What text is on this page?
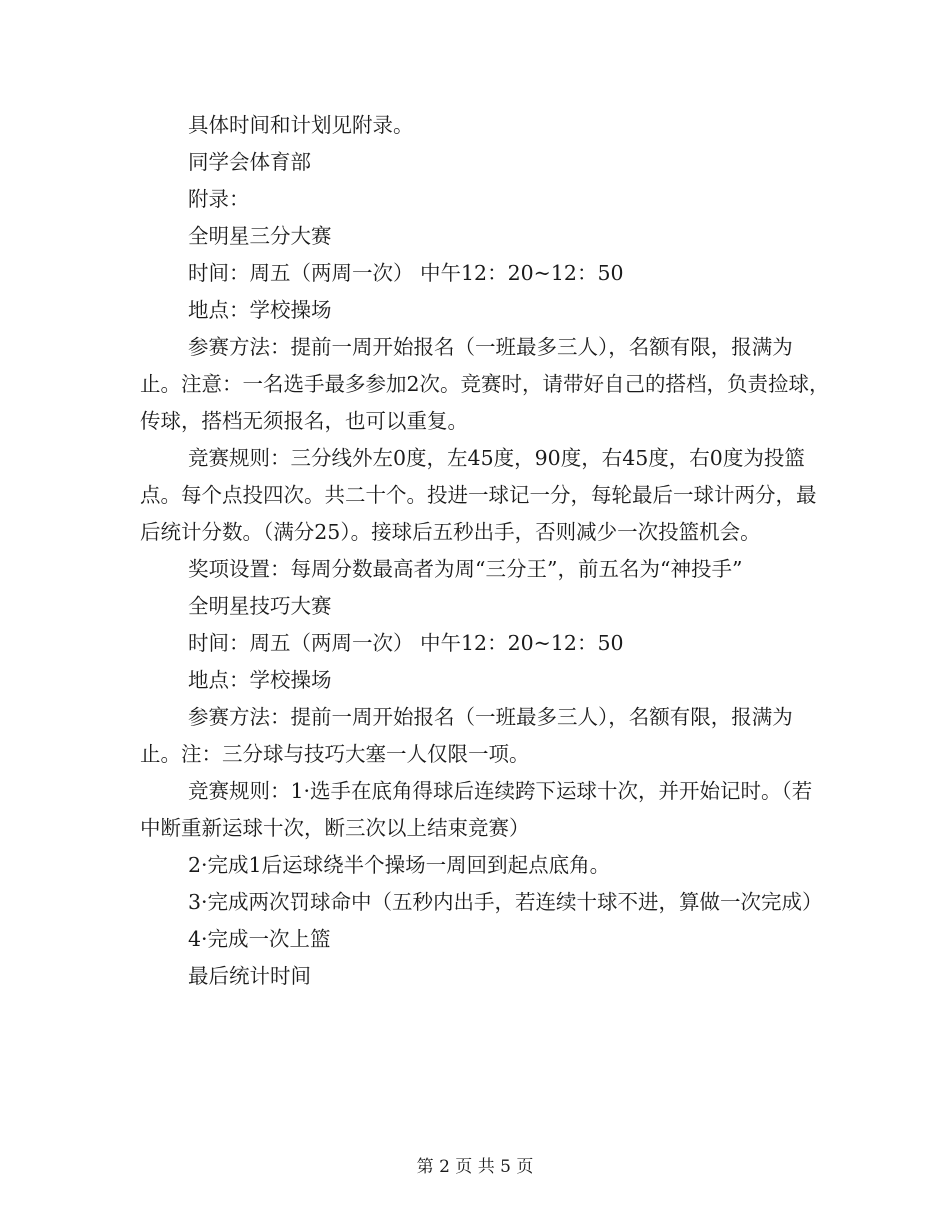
具体时间和计划见附录。

同学会体育部

附录：

全明星三分大赛

时间：周五（两周一次） 中午12：20~12：50

地点：学校操场

参赛方法：提前一周开始报名（一班最多三人），名额有限，报满为止。注意：一名选手最多参加2次。竞赛时，请带好自己的搭档，负责捡球，传球，搭档无须报名，也可以重复。

竞赛规则：三分线外左0度，左45度，90度，右45度，右0度为投篮点。每个点投四次。共二十个。投进一球记一分，每轮最后一球计两分，最后统计分数。（满分25）。接球后五秒出手，否则减少一次投篮机会。

奖项设置：每周分数最高者为周“三分王”，前五名为“神投手”

全明星技巧大赛

时间：周五（两周一次） 中午12：20~12：50

地点：学校操场

参赛方法：提前一周开始报名（一班最多三人），名额有限，报满为止。注：三分球与技巧大塞一人仅限一项。

竞赛规则：1·选手在底角得球后连续跨下运球十次，并开始记时。（若中断重新运球十次，断三次以上结束竞赛）

2·完成1后运球绕半个操场一周回到起点底角。

3·完成两次罚球命中（五秒内出手，若连续十球不进，算做一次完成）

4·完成一次上篮

最后统计时间

第 2 页 共 5 页
